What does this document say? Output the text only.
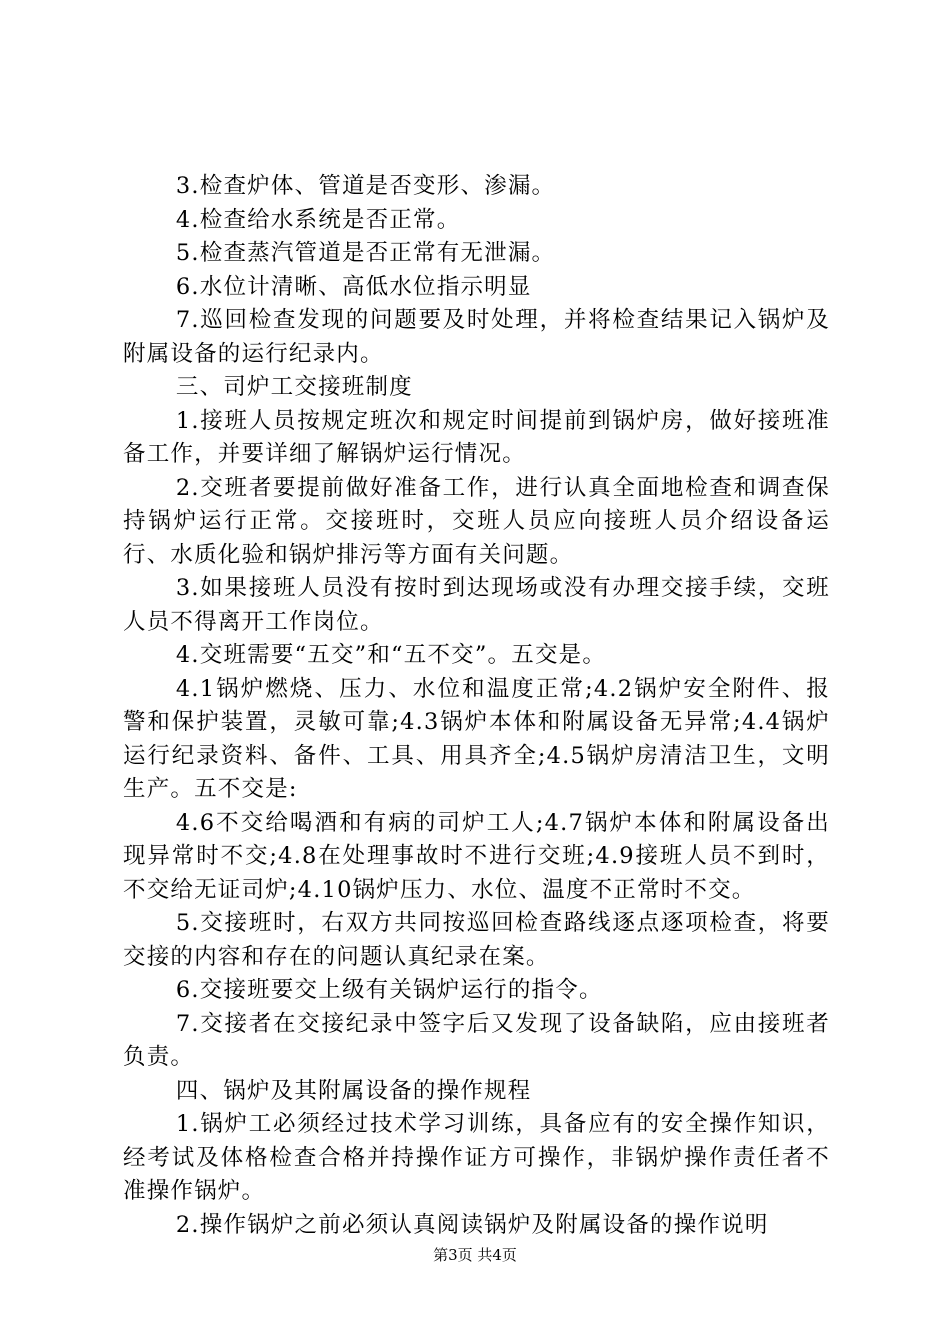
3.检查炉体、管道是否变形、渗漏。

4.检查给水系统是否正常。

5.检查蒸汽管道是否正常有无泄漏。

6.水位计清晰、高低水位指示明显

7.巡回检查发现的问题要及时处理，并将检查结果记入锅炉及附属设备的运行纪录内。

三、司炉工交接班制度

1.接班人员按规定班次和规定时间提前到锅炉房，做好接班准备工作，并要详细了解锅炉运行情况。

2.交班者要提前做好准备工作，进行认真全面地检查和调查保持锅炉运行正常。交接班时，交班人员应向接班人员介绍设备运行、水质化验和锅炉排污等方面有关问题。

3.如果接班人员没有按时到达现场或没有办理交接手续，交班人员不得离开工作岗位。

4.交班需要“五交”和“五不交”。五交是。

4.1锅炉燃烧、压力、水位和温度正常;4.2锅炉安全附件、报警和保护装置，灵敏可靠;4.3锅炉本体和附属设备无异常;4.4锅炉运行纪录资料、备件、工具、用具齐全;4.5锅炉房清洁卫生，文明生产。五不交是:

4.6不交给喝酒和有病的司炉工人;4.7锅炉本体和附属设备出现异常时不交;4.8在处理事故时不进行交班;4.9接班人员不到时，不交给无证司炉;4.10锅炉压力、水位、温度不正常时不交。

5.交接班时，右双方共同按巡回检查路线逐点逐项检查，将要交接的内容和存在的问题认真纪录在案。

6.交接班要交上级有关锅炉运行的指令。

7.交接者在交接纪录中签字后又发现了设备缺陷，应由接班者负责。

四、锅炉及其附属设备的操作规程

1.锅炉工必须经过技术学习训练，具备应有的安全操作知识，经考试及体格检查合格并持操作证方可操作，非锅炉操作责任者不准操作锅炉。

2.操作锅炉之前必须认真阅读锅炉及附属设备的操作说明

第3页 共4页
